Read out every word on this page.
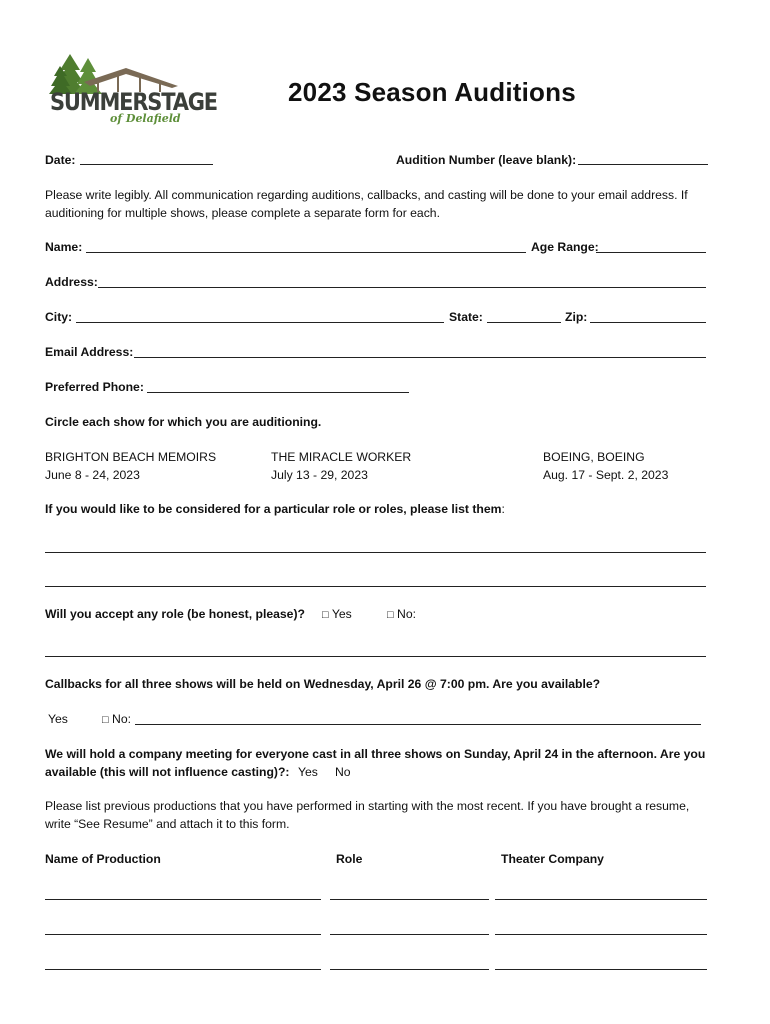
SUMMERSTAGE
of Delafield
2023 Season Auditions
Date:	Audition Number (leave blank):
Please write legibly. All communication regarding auditions, callbacks, and casting will be done to your email address. If
auditioning for multiple shows, please complete a separate form for each.
Name:	Age Range:
Address:
City:	State:	Zip:
Email Address:
Preferred Phone:
Circle each show for which you are auditioning.
BRIGHTON BEACH MEMOIRS
June 8 - 24, 2023
THE MIRACLE WORKER
July 13 - 29, 2023
BOEING, BOEING
Aug. 17 - Sept. 2, 2023
If you would like to be considered for a particular role or roles, please list them:
Will you accept any role (be honest, please)? □ Yes	□ No:
Callbacks for all three shows will be held on Wednesday, April 26 @ 7:00 pm. Are you available?
Yes	□ No:
We will hold a company meeting for everyone cast in all three shows on Sunday, April 24 in the afternoon. Are you
available (this will not influence casting)?: Yes No
Please list previous productions that you have performed in starting with the most recent. If you have brought a resume,
write “See Resume” and attach it to this form.
Name of Production	Role	Theater Company
